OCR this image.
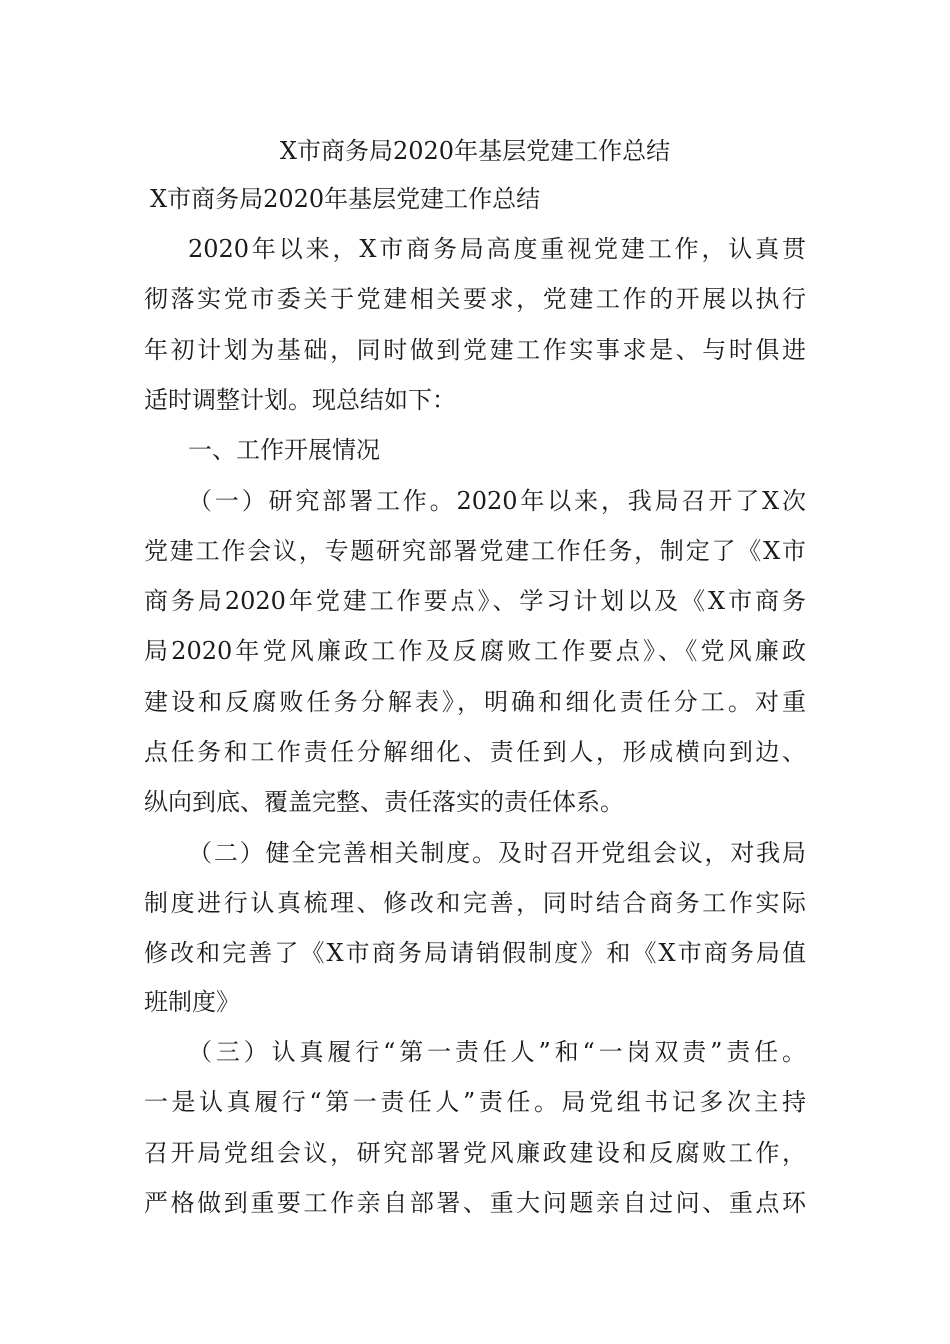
X市商务局2020年基层党建工作总结

X市商务局2020年基层党建工作总结

2020年以来，X市商务局高度重视党建工作，认真贯

彻落实党市委关于党建相关要求，党建工作的开展以执行

年初计划为基础，同时做到党建工作实事求是、与时俱进

适时调整计划。现总结如下：

一、工作开展情况

（一）研究部署工作。2020年以来，我局召开了X次

党建工作会议，专题研究部署党建工作任务，制定了《X市

商务局2020年党建工作要点》、学习计划以及《X市商务

局2020年党风廉政工作及反腐败工作要点》、《党风廉政

建设和反腐败任务分解表》，明确和细化责任分工。对重

点任务和工作责任分解细化、责任到人，形成横向到边、

纵向到底、覆盖完整、责任落实的责任体系。

（二）健全完善相关制度。及时召开党组会议，对我局

制度进行认真梳理、修改和完善，同时结合商务工作实际

修改和完善了《X市商务局请销假制度》和《X市商务局值

班制度》

（三）认真履行“第一责任人”和“一岗双责”责任。

一是认真履行“第一责任人”责任。局党组书记多次主持

召开局党组会议，研究部署党风廉政建设和反腐败工作，

严格做到重要工作亲自部署、重大问题亲自过问、重点环
